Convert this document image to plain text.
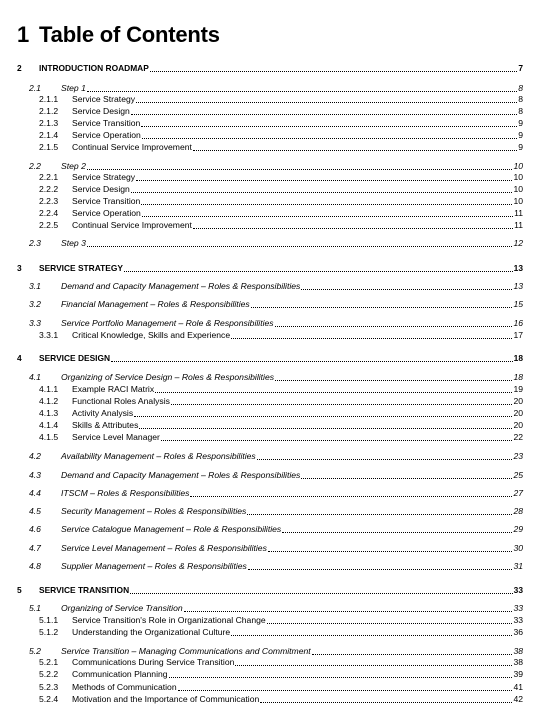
1 Table of Contents
2 INTRODUCTION ROADMAP	7
2.1 Step 1	8
2.1.1 Service Strategy	8
2.1.2 Service Design	8
2.1.3 Service Transition	9
2.1.4 Service Operation	9
2.1.5 Continual Service Improvement	9
2.2 Step 2	10
2.2.1 Service Strategy	10
2.2.2 Service Design	10
2.2.3 Service Transition	10
2.2.4 Service Operation	11
2.2.5 Continual Service Improvement	11
2.3 Step 3	12
3 SERVICE STRATEGY	13
3.1 Demand and Capacity Management – Roles & Responsibilities	13
3.2 Financial Management – Roles & Responsibilities	15
3.3 Service Portfolio Management – Role & Responsibilities	16
3.3.1 Critical Knowledge, Skills and Experience	17
4 SERVICE DESIGN	18
4.1 Organizing of Service Design – Roles & Responsibilities	18
4.1.1 Example RACI Matrix	19
4.1.2 Functional Roles Analysis	20
4.1.3 Activity Analysis	20
4.1.4 Skills & Attributes	20
4.1.5 Service Level Manager	22
4.2 Availability Management – Roles & Responsibilities	23
4.3 Demand and Capacity Management – Roles & Responsibilities	25
4.4 ITSCM – Roles & Responsibilities	27
4.5 Security Management – Roles & Responsibilities	28
4.6 Service Catalogue Management – Role & Responsibilities	29
4.7 Service Level Management – Roles & Responsibilities	30
4.8 Supplier Management – Roles & Responsibilities	31
5 SERVICE TRANSITION	33
5.1 Organizing of Service Transition	33
5.1.1 Service Transition's Role in Organizational Change	33
5.1.2 Understanding the Organizational Culture	36
5.2 Service Transition – Managing Communications and Commitment	38
5.2.1 Communications During Service Transition	38
5.2.2 Communication Planning	39
5.2.3 Methods of Communication	41
5.2.4 Motivation and the Importance of Communication	42
